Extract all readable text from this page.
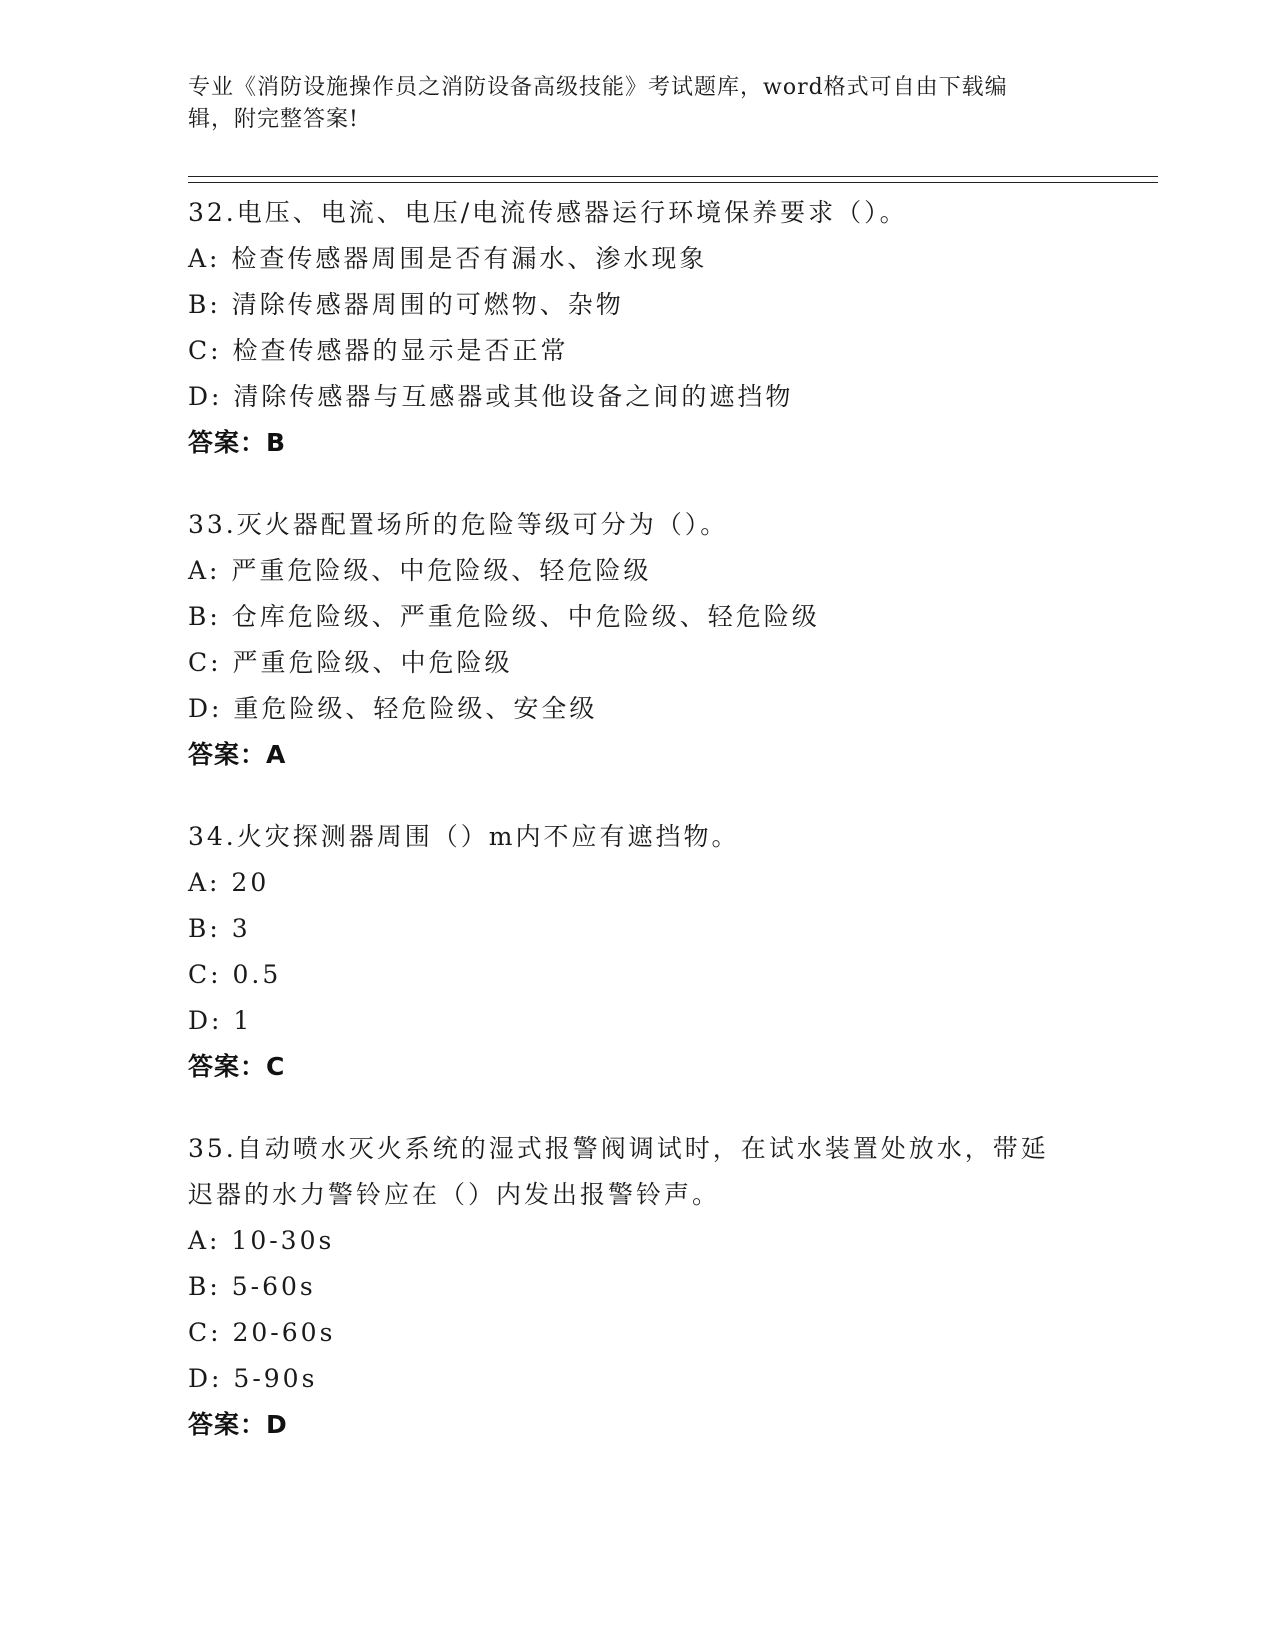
专业《消防设施操作员之消防设备高级技能》考试题库，word格式可自由下载编
辑，附完整答案!
32.电压、电流、电压/电流传感器运行环境保养要求（）。
A: 检查传感器周围是否有漏水、渗水现象
B: 清除传感器周围的可燃物、杂物
C: 检查传感器的显示是否正常
D: 清除传感器与互感器或其他设备之间的遮挡物
答案：B
33.灭火器配置场所的危险等级可分为（）。
A: 严重危险级、中危险级、轻危险级
B: 仓库危险级、严重危险级、中危险级、轻危险级
C: 严重危险级、中危险级
D: 重危险级、轻危险级、安全级
答案：A
34.火灾探测器周围（）m内不应有遮挡物。
A: 20
B: 3
C: 0.5
D: 1
答案：C
35.自动喷水灭火系统的湿式报警阀调试时，在试水装置处放水，带延
迟器的水力警铃应在（）内发出报警铃声。
A: 10-30s
B: 5-60s
C: 20-60s
D: 5-90s
答案：D
